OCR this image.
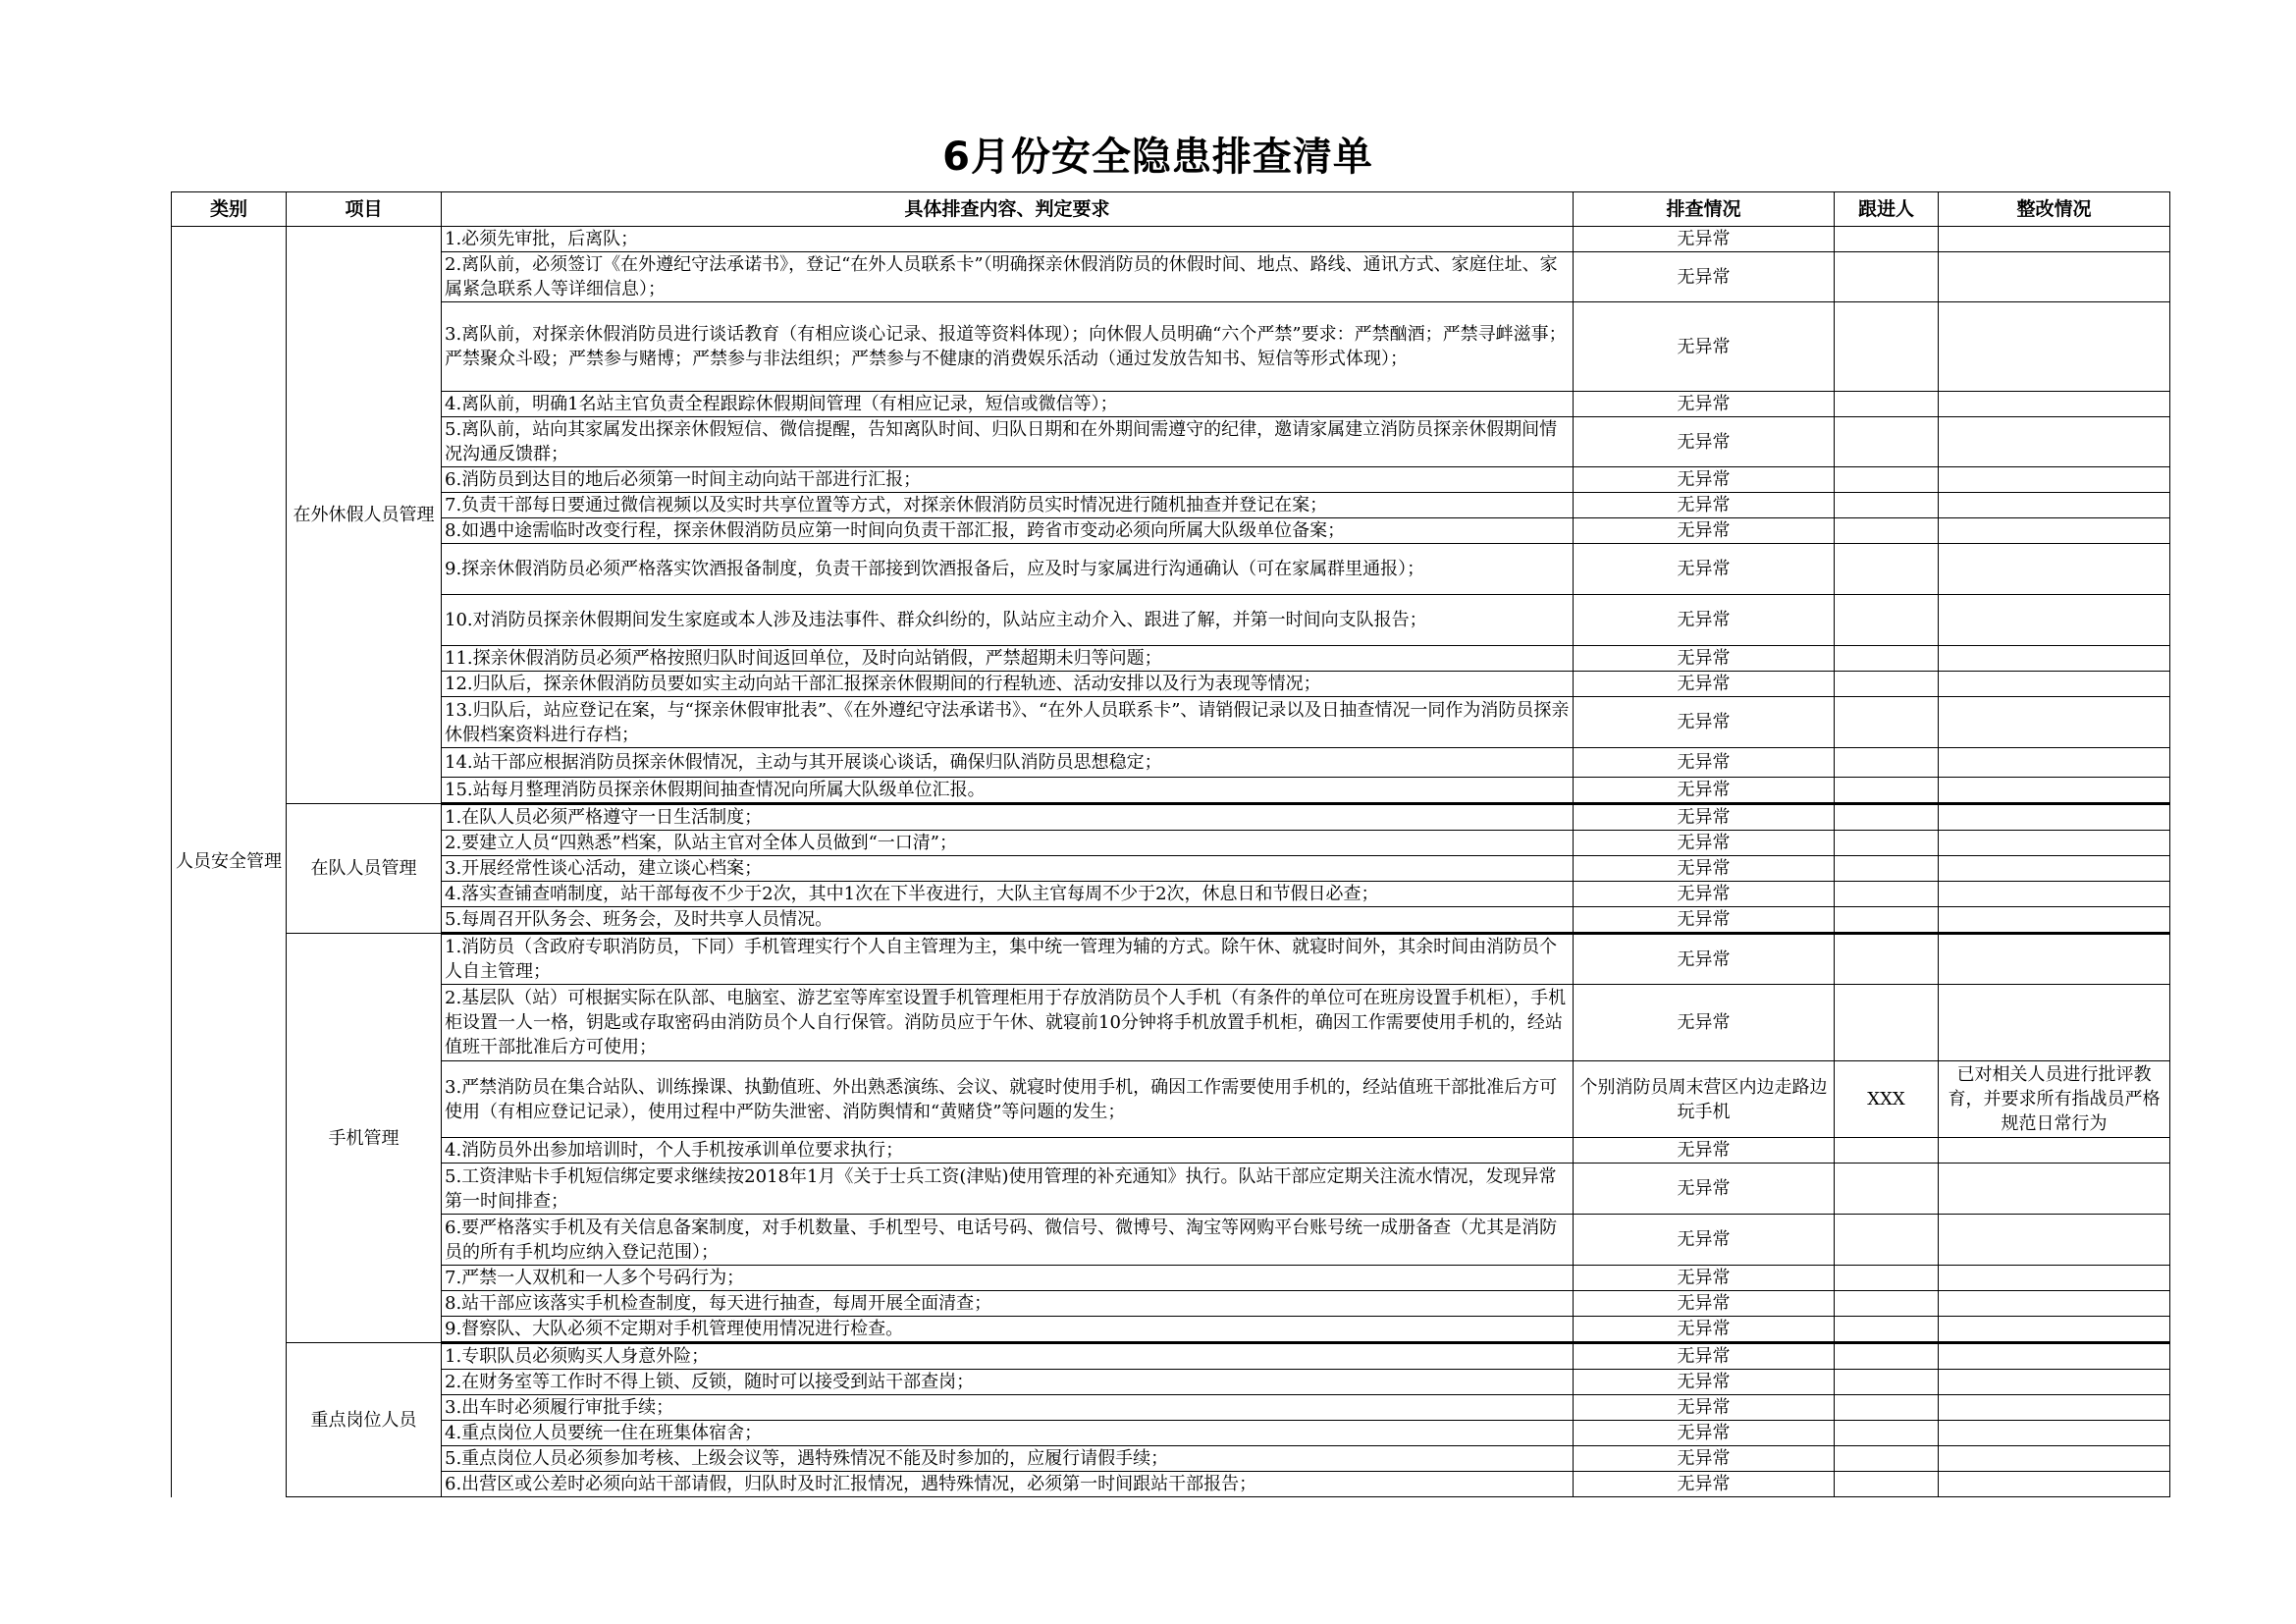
6月份安全隐患排查清单
类别	项目	具体排查内容、判定要求	排查情况	跟进人	整改情况
人员安全管理	在外休假人员管理	1.必须先审批，后离队；	无异常		
		2.离队前，必须签订《在外遵纪守法承诺书》，登记“在外人员联系卡”（明确探亲休假消防员的休假时间、地点、路线、通讯方式、家庭住址、家属紧急联系人等详细信息）；	无异常		
		3.离队前，对探亲休假消防员进行谈话教育（有相应谈心记录、报道等资料体现）；向休假人员明确“六个严禁”要求：严禁酗酒；严禁寻衅滋事；严禁聚众斗殴；严禁参与赌博；严禁参与非法组织；严禁参与不健康的消费娱乐活动（通过发放告知书、短信等形式体现）；	无异常		
		4.离队前，明确1名站主官负责全程跟踪休假期间管理（有相应记录，短信或微信等）；	无异常		
		5.离队前，站向其家属发出探亲休假短信、微信提醒，告知离队时间、归队日期和在外期间需遵守的纪律，邀请家属建立消防员探亲休假期间情况沟通反馈群；	无异常		
		6.消防员到达目的地后必须第一时间主动向站干部进行汇报；	无异常		
		7.负责干部每日要通过微信视频以及实时共享位置等方式，对探亲休假消防员实时情况进行随机抽查并登记在案；	无异常		
		8.如遇中途需临时改变行程，探亲休假消防员应第一时间向负责干部汇报，跨省市变动必须向所属大队级单位备案；	无异常		
		9.探亲休假消防员必须严格落实饮酒报备制度，负责干部接到饮酒报备后，应及时与家属进行沟通确认（可在家属群里通报）；	无异常		
		10.对消防员探亲休假期间发生家庭或本人涉及违法事件、群众纠纷的，队站应主动介入、跟进了解，并第一时间向支队报告；	无异常		
		11.探亲休假消防员必须严格按照归队时间返回单位，及时向站销假，严禁超期未归等问题；	无异常		
		12.归队后，探亲休假消防员要如实主动向站干部汇报探亲休假期间的行程轨迹、活动安排以及行为表现等情况；	无异常		
		13.归队后，站应登记在案，与“探亲休假审批表”、《在外遵纪守法承诺书》、“在外人员联系卡”、请销假记录以及日抽查情况一同作为消防员探亲休假档案资料进行存档；	无异常		
		14.站干部应根据消防员探亲休假情况，主动与其开展谈心谈话，确保归队消防员思想稳定；	无异常		
		15.站每月整理消防员探亲休假期间抽查情况向所属大队级单位汇报。	无异常		
	在队人员管理	1.在队人员必须严格遵守一日生活制度；	无异常		
		2.要建立人员“四熟悉”档案，队站主官对全体人员做到“一口清”；	无异常		
		3.开展经常性谈心活动，建立谈心档案；	无异常		
		4.落实查铺查哨制度，站干部每夜不少于2次，其中1次在下半夜进行，大队主官每周不少于2次，休息日和节假日必查；	无异常		
		5.每周召开队务会、班务会，及时共享人员情况。	无异常		
	手机管理	1.消防员（含政府专职消防员，下同）手机管理实行个人自主管理为主，集中统一管理为辅的方式。除午休、就寝时间外，其余时间由消防员个人自主管理；	无异常		
		2.基层队（站）可根据实际在队部、电脑室、游艺室等库室设置手机管理柜用于存放消防员个人手机（有条件的单位可在班房设置手机柜），手机柜设置一人一格，钥匙或存取密码由消防员个人自行保管。消防员应于午休、就寝前10分钟将手机放置手机柜，确因工作需要使用手机的，经站值班干部批准后方可使用；	无异常		
		3.严禁消防员在集合站队、训练操课、执勤值班、外出熟悉演练、会议、就寝时使用手机，确因工作需要使用手机的，经站值班干部批准后方可使用（有相应登记记录），使用过程中严防失泄密、消防舆情和“黄赌贷”等问题的发生；	个别消防员周末营区内边走路边玩手机	XXX	已对相关人员进行批评教育，并要求所有指战员严格规范日常行为
		4.消防员外出参加培训时，个人手机按承训单位要求执行；	无异常		
		5.工资津贴卡手机短信绑定要求继续按2018年1月《关于士兵工资(津贴)使用管理的补充通知》执行。队站干部应定期关注流水情况，发现异常第一时间排查；	无异常		
		6.要严格落实手机及有关信息备案制度，对手机数量、手机型号、电话号码、微信号、微博号、淘宝等网购平台账号统一成册备查（尤其是消防员的所有手机均应纳入登记范围）；	无异常		
		7.严禁一人双机和一人多个号码行为；	无异常		
		8.站干部应该落实手机检查制度，每天进行抽查，每周开展全面清查；	无异常		
		9.督察队、大队必须不定期对手机管理使用情况进行检查。	无异常		
	重点岗位人员	1.专职队员必须购买人身意外险；	无异常		
		2.在财务室等工作时不得上锁、反锁，随时可以接受到站干部查岗；	无异常		
		3.出车时必须履行审批手续；	无异常		
		4.重点岗位人员要统一住在班集体宿舍；	无异常		
		5.重点岗位人员必须参加考核、上级会议等，遇特殊情况不能及时参加的，应履行请假手续；	无异常		
		6.出营区或公差时必须向站干部请假，归队时及时汇报情况，遇特殊情况，必须第一时间跟站干部报告；	无异常		
